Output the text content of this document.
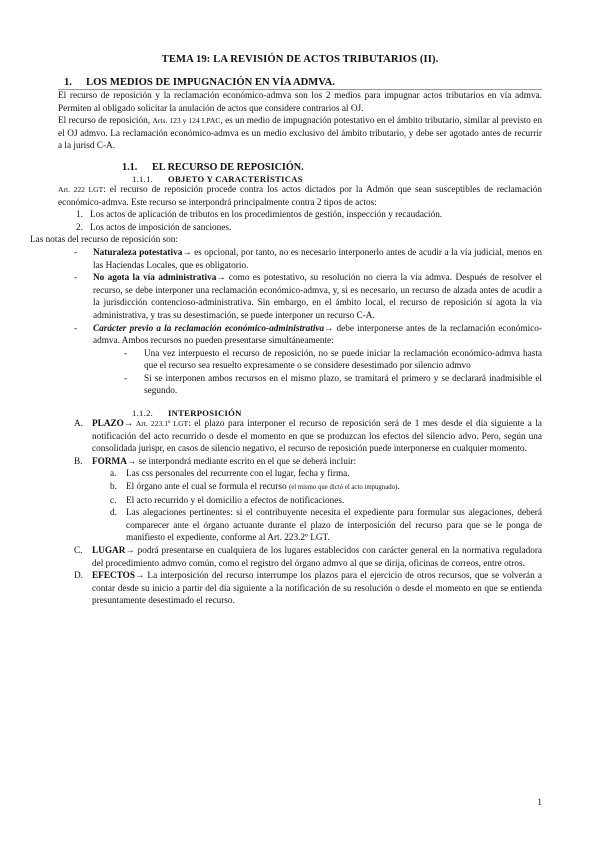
TEMA 19: LA REVISIÓN DE ACTOS TRIBUTARIOS (II).
1. LOS MEDIOS DE IMPUGNACIÓN EN VÍA ADMVA.

El recurso de reposición y la reclamación económico-admva son los 2 medios para impugnar actos tributarios en vía admva. Permiten al obligado solicitar la anulación de actos que considere contrarios al OJ.

El recurso de reposición, Arts. 123 y 124 LPAC, es un medio de impugnación potestativo en el ámbito tributario, similar al previsto en el OJ admvo. La reclamación económico-admva es un medio exclusivo del ámbito tributario, y debe ser agotado antes de recurrir a la jurisd C-A.

1.1. EL RECURSO DE REPOSICIÓN.
1.1.1. OBJETO Y CARACTERÍSTICAS

Art. 222 LGT: el recurso de reposición procede contra los actos dictados por la Admón que sean susceptibles de reclamación económico-admva. Este recurso se interpondrá principalmente contra 2 tipos de actos:

1. Los actos de aplicación de tributos en los procedimientos de gestión, inspección y recaudación.
2. Los actos de imposición de sanciones.

Las notas del recurso de reposición son:

-	Naturaleza potestativa→ es opcional, por tanto, no es necesario interponerlo antes de acudir a la vía judicial, menos en las Haciendas Locales, que es obligatorio.
-	No agota la vía administrativa→ como es potestativo, su resolución no cierra la vía admva. Después de resolver el recurso, se debe interponer una reclamación económico-admva, y, si es necesario, un recurso de alzada antes de acudir a la jurisdicción contencioso-administrativa. Sin embargo, en el ámbito local, el recurso de reposición sí agota la vía administrativa, y tras su desestimación, se puede interponer un recurso C-A.
-	Carácter previo a la reclamación económico-administrativa→ debe interponerse antes de la reclamación económico-admva. Ambos recursos no pueden presentarse simultáneamente:
-	Una vez interpuesto el recurso de reposición, no se puede iniciar la reclamación económico-admva hasta que el recurso sea resuelto expresamente o se considere desestimado por silencio admvo
-	Si se interponen ambos recursos en el mismo plazo, se tramitará el primero y se declarará inadmisible el segundo.
1.1.2. INTERPOSICIÓN
A. PLAZO→ Art. 223.1º LGT: el plazo para interponer el recurso de reposición será de 1 mes desde el día siguiente a la notificación del acto recurrido o desde el momento en que se produzcan los efectos del silencio advo. Pero, según una consolidada jurispr, en casos de silencio negativo, el recurso de reposición puede interponerse en cualquier momento.
B.	FORMA→ se interpondrá mediante escrito en el que se deberá incluir:
a.	Las css personales del recurrente con el lugar, fecha y firma.
b. El órgano ante el cual se formula el recurso (el mismo que dictó el acto impugnado).
c.	El acto recurrido y el domicilio a efectos de notificaciones.
d. Las alegaciones pertinentes: si el contribuyente necesita el expediente para formular sus alegaciones, deberá comparecer ante el órgano actuante durante el plazo de interposición del recurso para que se le ponga de manifiesto el expediente, conforme al Art. 223.2º LGT.
C.	LUGAR→ podrá presentarse en cualquiera de los lugares establecidos con carácter general en la normativa reguladora del procedimiento admvo común, como el registro del órgano admvo al que se dirija, oficinas de correos, entre otros.
D. EFECTOS→ La interposición del recurso interrumpe los plazos para el ejercicio de otros recursos, que se volverán a contar desde su inicio a partir del día siguiente a la notificación de su resolución o desde el momento en que se entienda presuntamente desestimado el recurso.
1
